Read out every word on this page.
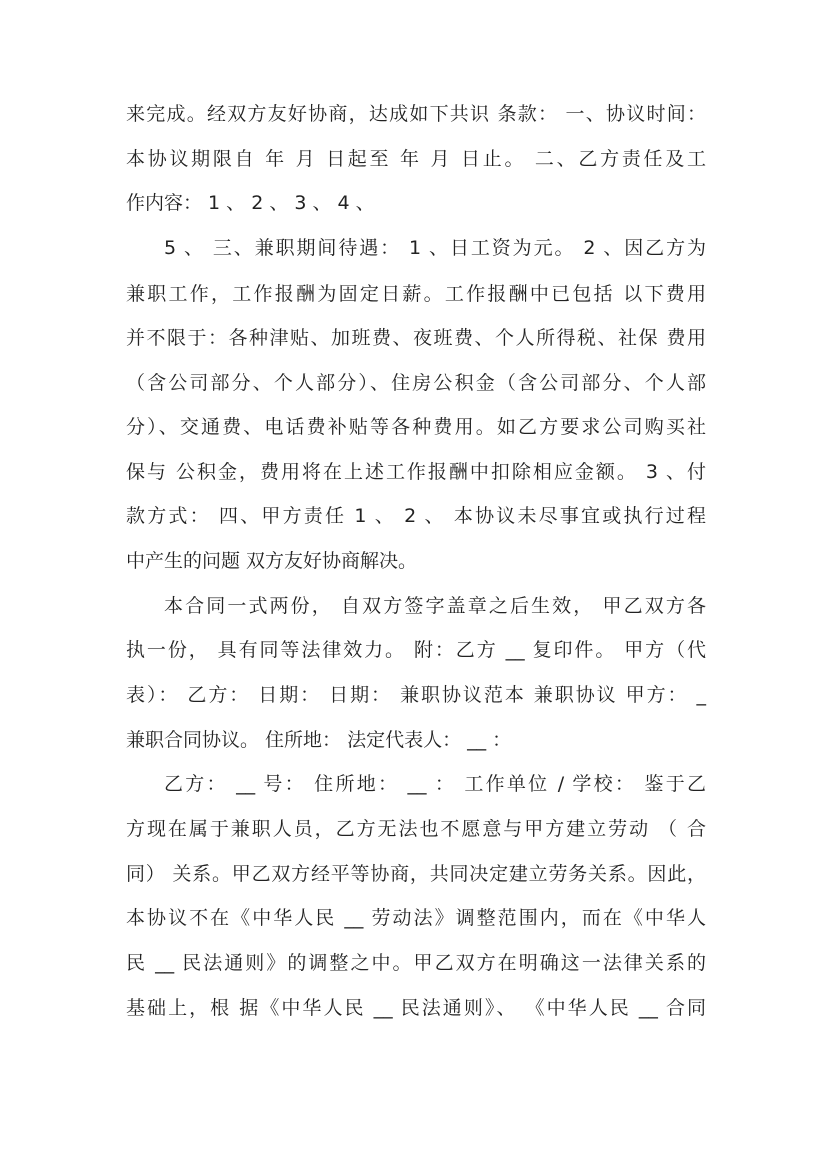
来完成。经双方友好协商，达成如下共识 条款： 一、协议时间：
本协议期限自 年 月 日起至 年 月 日止。 二、乙方责任及工
作内容： 1 、 2 、 3 、 4 、
5 、 三、兼职期间待遇： 1 、日工资为元。 2 、因乙方为
兼职工作，工作报酬为固定日薪。工作报酬中已包括 以下费用
并不限于：各种津贴、加班费、夜班费、个人所得税、社保 费用
（含公司部分、个人部分）、住房公积金（含公司部分、个人部
分）、交通费、电话费补贴等各种费用。如乙方要求公司购买社
保与 公积金，费用将在上述工作报酬中扣除相应金额。 3 、付
款方式： 四、甲方责任 1 、 2 、 本协议未尽事宜或执行过程
中产生的问题 双方友好协商解决。
本合同一式两份， 自双方签字盖章之后生效， 甲乙双方各
执一份， 具有同等法律效力。 附：乙方 __ 复印件。 甲方（代
表）： 乙方： 日期： 日期： 兼职协议范本 兼职协议 甲方： _
兼职合同协议。 住所地： 法定代表人： __ ：
乙方： __ 号： 住所地： __ ： 工作单位 / 学校： 鉴于乙
方现在属于兼职人员，乙方无法也不愿意与甲方建立劳动 （ 合
同） 关系。甲乙双方经平等协商，共同决定建立劳务关系。因此，
本协议不在《中华人民 __ 劳动法》调整范围内，而在《中华人
民 __ 民法通则》的调整之中。甲乙双方在明确这一法律关系的
基础上，根 据《中华人民 __ 民法通则》、 《中华人民 __ 合同
